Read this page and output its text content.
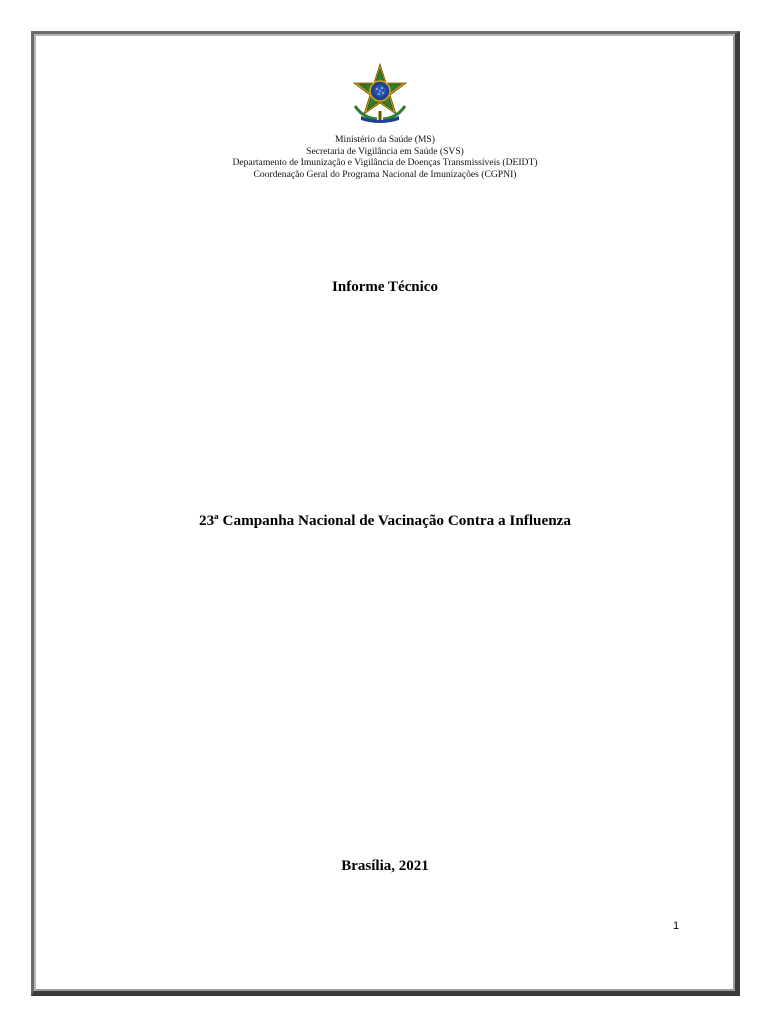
Ministério da Saúde (MS)
Secretaria de Vigilância em Saúde (SVS)
Departamento de Imunização e Vigilância de Doenças Transmissíveis (DEIDT)
Coordenação Geral do Programa Nacional de Imunizações (CGPNI)
Informe Técnico
23ª Campanha Nacional de Vacinação Contra a Influenza
Brasília, 2021
1
